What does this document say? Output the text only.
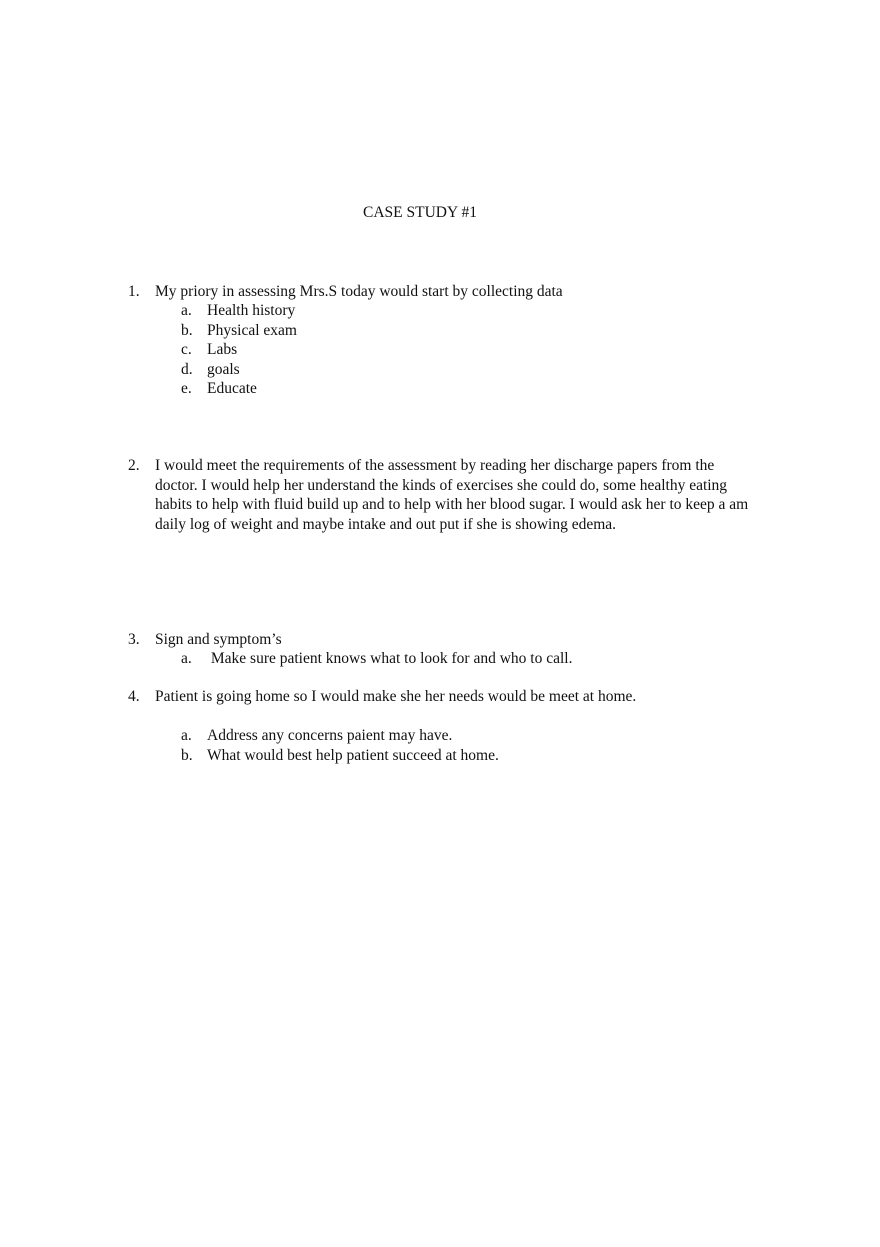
CASE STUDY #1
1. My priory in assessing Mrs.S today would start by collecting data
a. Health history
b. Physical exam
c. Labs
d. goals
e. Educate
2. I would meet the requirements of the assessment by reading her discharge papers from the
doctor. I would help her understand the kinds of exercises she could do, some healthy eating
habits to help with fluid build up and to help with her blood sugar. I would ask her to keep a am
daily log of weight and maybe intake and out put if she is showing edema.
3. Sign and symptom’s
a. Make sure patient knows what to look for and who to call.
4. Patient is going home so I would make she her needs would be meet at home.
a. Address any concerns paient may have.
b. What would best help patient succeed at home.
